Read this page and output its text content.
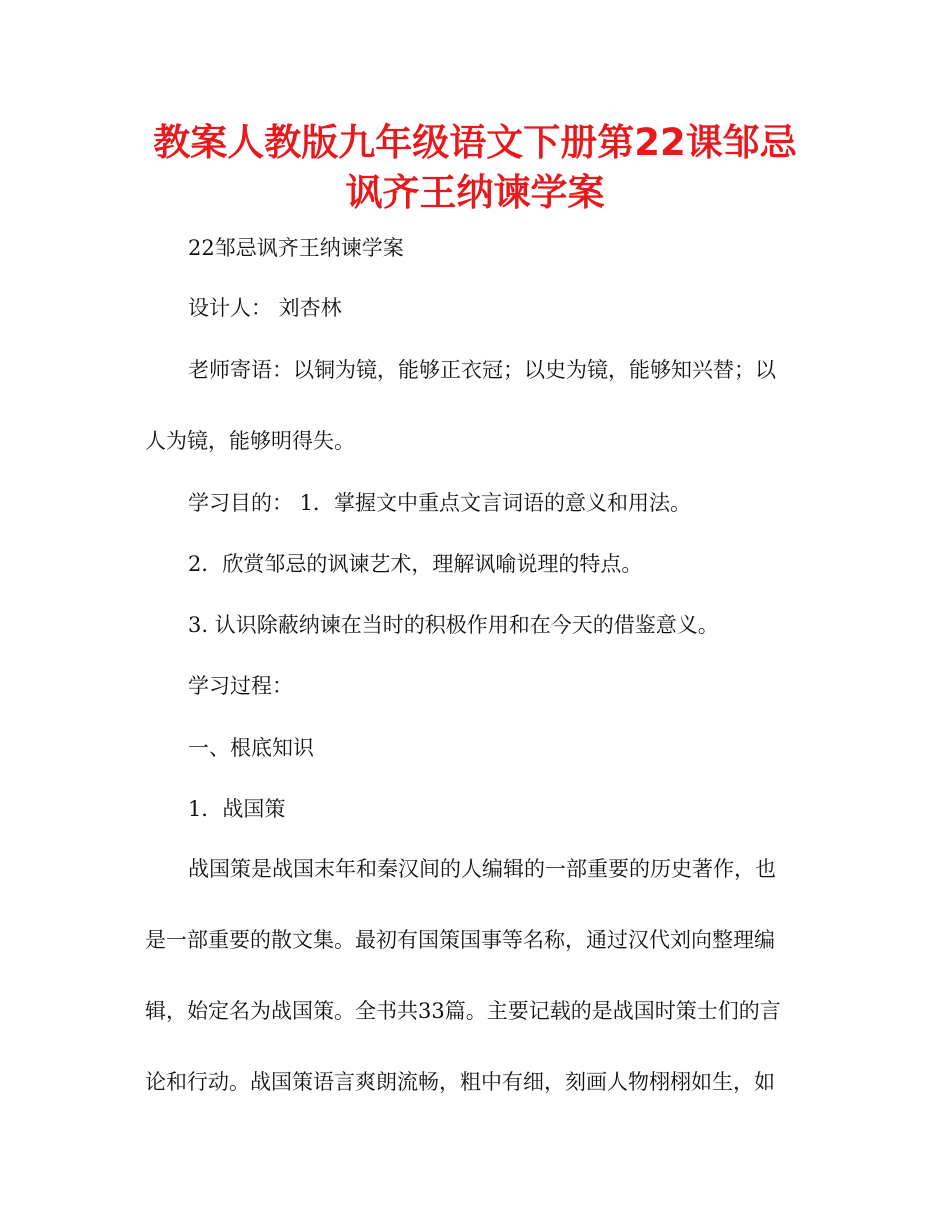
教案人教版九年级语文下册第22课邹忌
讽齐王纳谏学案

22邹忌讽齐王纳谏学案

设计人： 刘杏林

老师寄语：以铜为镜，能够正衣冠；以史为镜，能够知兴替；以

人为镜，能够明得失。

学习目的： 1．掌握文中重点文言词语的意义和用法。

2．欣赏邹忌的讽谏艺术，理解讽喻说理的特点。

3. 认识除蔽纳谏在当时的积极作用和在今天的借鉴意义。

学习过程：

一、根底知识

1．战国策

战国策是战国末年和秦汉间的人编辑的一部重要的历史著作，也

是一部重要的散文集。最初有国策国事等名称，通过汉代刘向整理编

辑，始定名为战国策。全书共33篇。主要记载的是战国时策士们的言

论和行动。战国策语言爽朗流畅，粗中有细，刻画人物栩栩如生，如
